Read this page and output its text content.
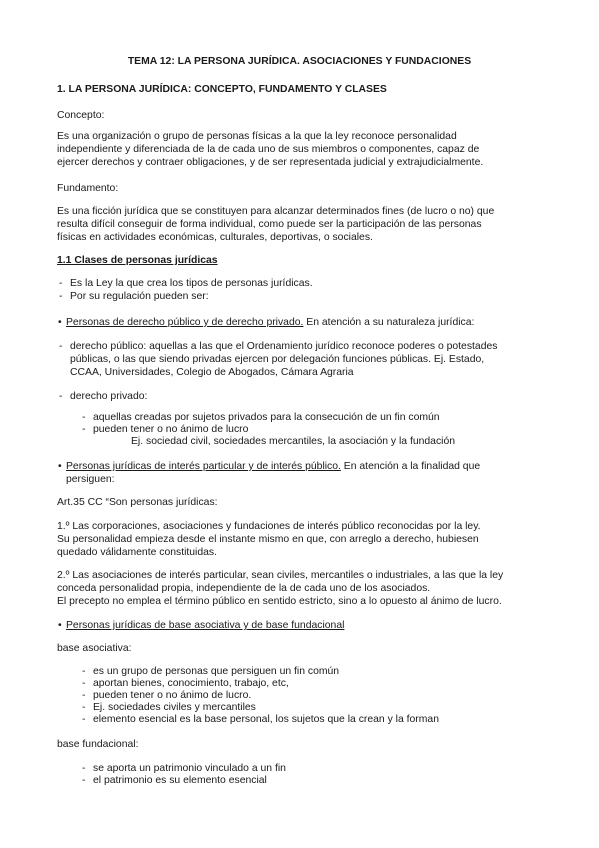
TEMA 12: LA PERSONA JURÍDICA. ASOCIACIONES Y FUNDACIONES
1. LA PERSONA JURÍDICA: CONCEPTO, FUNDAMENTO Y CLASES
Concepto:
Es una organización o grupo de personas físicas a la que la ley reconoce personalidad
independiente y diferenciada de la de cada uno de sus miembros o componentes, capaz de
ejercer derechos y contraer obligaciones, y de ser representada judicial y extrajudicialmente.
Fundamento:
Es una ficción jurídica que se constituyen para alcanzar determinados fines (de lucro o no) que
resulta difícil conseguir de forma individual, como puede ser la participación de las personas
físicas en actividades económicas, culturales, deportivas, o sociales.
1.1 Clases de personas jurídicas
- Es la Ley la que crea los tipos de personas jurídicas.
- Por su regulación pueden ser:
• Personas de derecho público y de derecho privado. En atención a su naturaleza jurídica:
- derecho público: aquellas a las que el Ordenamiento jurídico reconoce poderes o potestades
públicas, o las que siendo privadas ejercen por delegación funciones públicas. Ej. Estado,
CCAA, Universidades, Colegio de Abogados, Cámara Agraria
- derecho privado:
- aquellas creadas por sujetos privados para la consecución de un fin común
- pueden tener o no ánimo de lucro
Ej. sociedad civil, sociedades mercantiles, la asociación y la fundación
• Personas jurídicas de interés particular y de interés público. En atención a la finalidad que
persiguen:
Art.35 CC “Son personas jurídicas:
1.º Las corporaciones, asociaciones y fundaciones de interés público reconocidas por la ley.
Su personalidad empieza desde el instante mismo en que, con arreglo a derecho, hubiesen
quedado válidamente constituidas.
2.º Las asociaciones de interés particular, sean civiles, mercantiles o industriales, a las que la ley
conceda personalidad propia, independiente de la de cada uno de los asociados.
El precepto no emplea el término público en sentido estricto, sino a lo opuesto al ánimo de lucro.
• Personas jurídicas de base asociativa y de base fundacional
base asociativa:
- es un grupo de personas que persiguen un fin común
- aportan bienes, conocimiento, trabajo, etc,
- pueden tener o no ánimo de lucro.
- Ej. sociedades civiles y mercantiles
- elemento esencial es la base personal, los sujetos que la crean y la forman
base fundacional:
- se aporta un patrimonio vinculado a un fin
- el patrimonio es su elemento esencial
